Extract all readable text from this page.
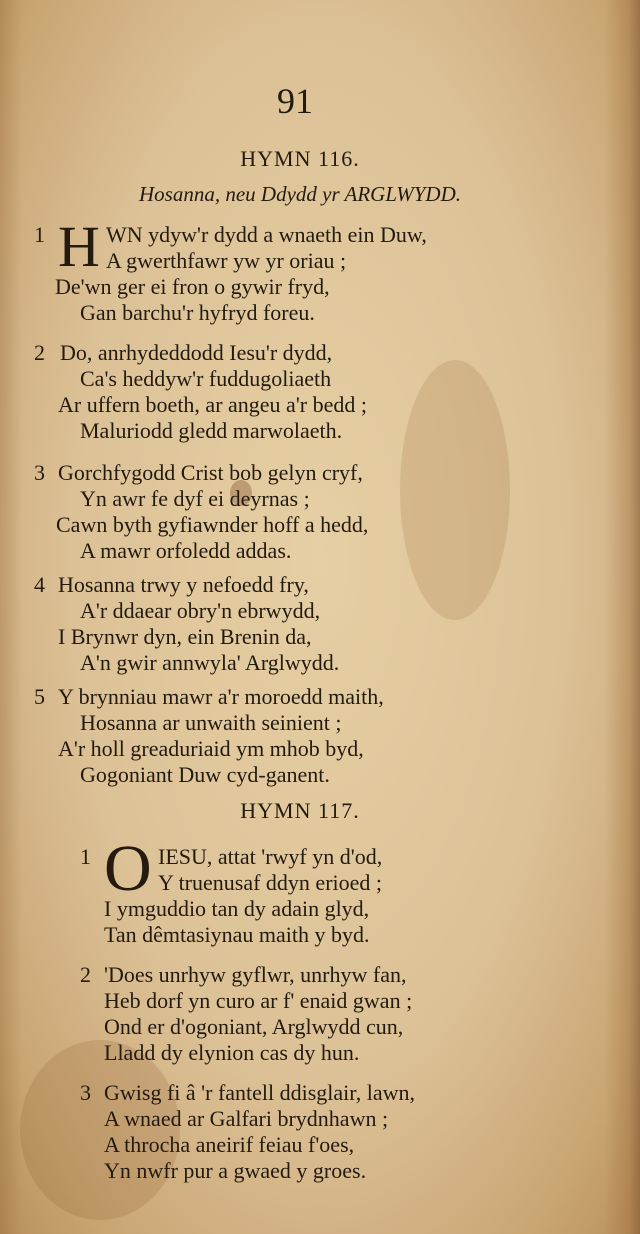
91
HYMN 116.
Hosanna, neu Ddydd yr ARGLWYDD.
1 H WN ydyw'r dydd a wnaeth ein Duw,
A gwerthfawr yw yr oriau ;
De'wn ger ei fron o gywir fryd,
Gan barchu'r hyfryd foreu.
2 Do, anrhydeddodd Iesu'r dydd,
Ca's heddyw'r fuddugoliaeth
Ar uffern boeth, ar angeu a'r bedd ;
Maluriodd gledd marwolaeth.
3 Gorchfygodd Crist bob gelyn cryf,
Yn awr fe dyf ei deyrnas ;
Cawn byth gyfiawnder hoff a hedd,
A mawr orfoledd addas.
4 Hosanna trwy y nefoedd fry,
A'r ddaear obry'n ebrwydd,
I Brynwr dyn, ein Brenin da,
A'n gwir annwyla' Arglwydd.
5 Y brynniau mawr a'r moroedd maith,
Hosanna ar unwaith seinient ;
A'r holl greaduriaid ym mhob byd,
Gogoniant Duw cyd-ganent.
HYMN 117.
1 O IESU, attat 'rwyf yn d'od,
Y truenusaf ddyn erioed ;
I ymguddio tan dy adain glyd,
Tan dêmtasiynau maith y byd.
2 'Does unrhyw gyflwr, unrhyw fan,
Heb dorf yn curo ar f' enaid gwan ;
Ond er d'ogoniant, Arglwydd cun,
Lladd dy elynion cas dy hun.
3 Gwisg fi â 'r fantell ddisglair, lawn,
A wnaed ar Galfari brydnhawn ;
A throcha aneirif feiau f'oes,
Yn nwfr pur a gwaed y groes.
